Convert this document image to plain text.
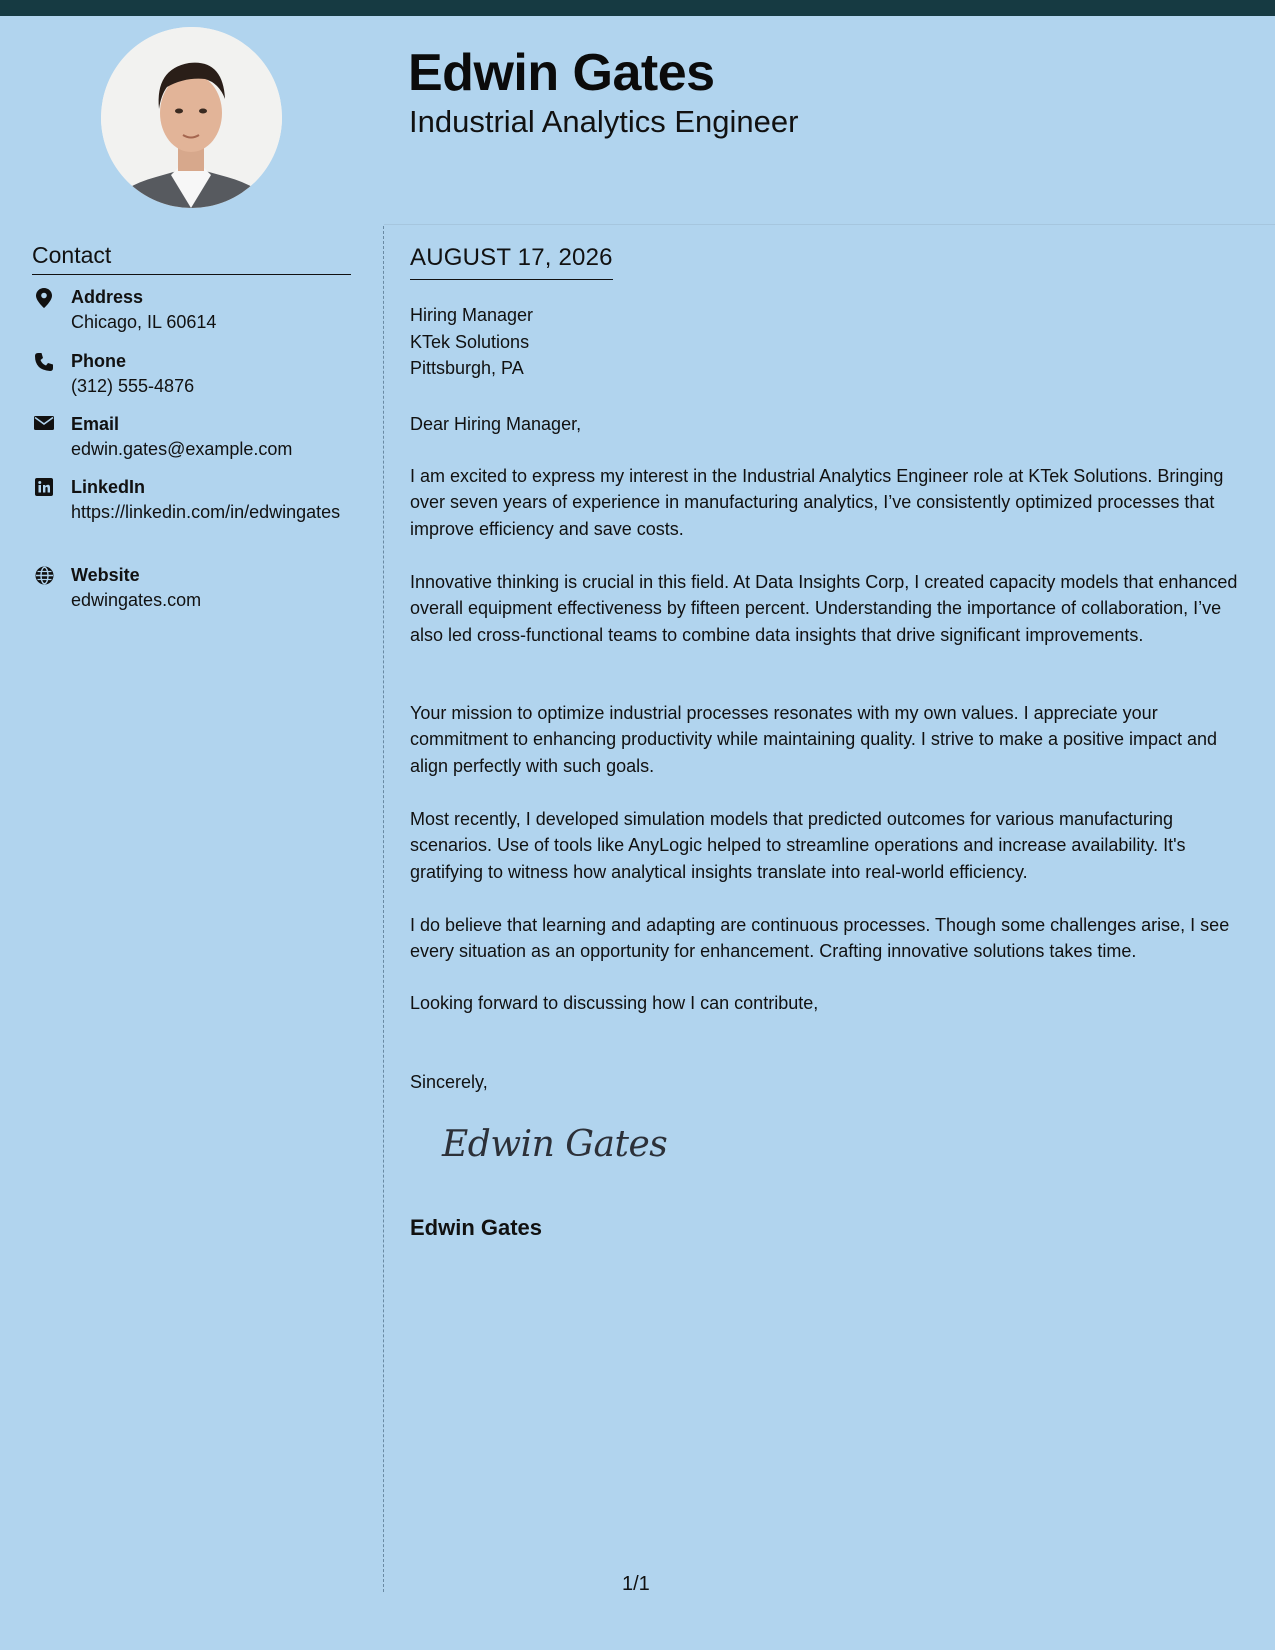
Edwin Gates
Industrial Analytics Engineer
Contact
Address
Chicago, IL 60614
Phone
(312) 555-4876
Email
edwin.gates@example.com
LinkedIn
https://linkedin.com/in/edwingates
Website
edwingates.com
AUGUST 17, 2026
Hiring Manager
KTek Solutions
Pittsburgh, PA

Dear Hiring Manager,

I am excited to express my interest in the Industrial Analytics Engineer role at KTek Solutions. Bringing over seven years of experience in manufacturing analytics, I’ve consistently optimized processes that improve efficiency and save costs.

Innovative thinking is crucial in this field. At Data Insights Corp, I created capacity models that enhanced overall equipment effectiveness by fifteen percent. Understanding the importance of collaboration, I’ve also led cross-functional teams to combine data insights that drive significant improvements.

Your mission to optimize industrial processes resonates with my own values. I appreciate your commitment to enhancing productivity while maintaining quality. I strive to make a positive impact and align perfectly with such goals.

Most recently, I developed simulation models that predicted outcomes for various manufacturing scenarios. Use of tools like AnyLogic helped to streamline operations and increase availability. It's gratifying to witness how analytical insights translate into real-world efficiency.

I do believe that learning and adapting are continuous processes. Though some challenges arise, I see every situation as an opportunity for enhancement. Crafting innovative solutions takes time.

Looking forward to discussing how I can contribute,

Sincerely,

Edwin Gates
Edwin Gates
1/1
